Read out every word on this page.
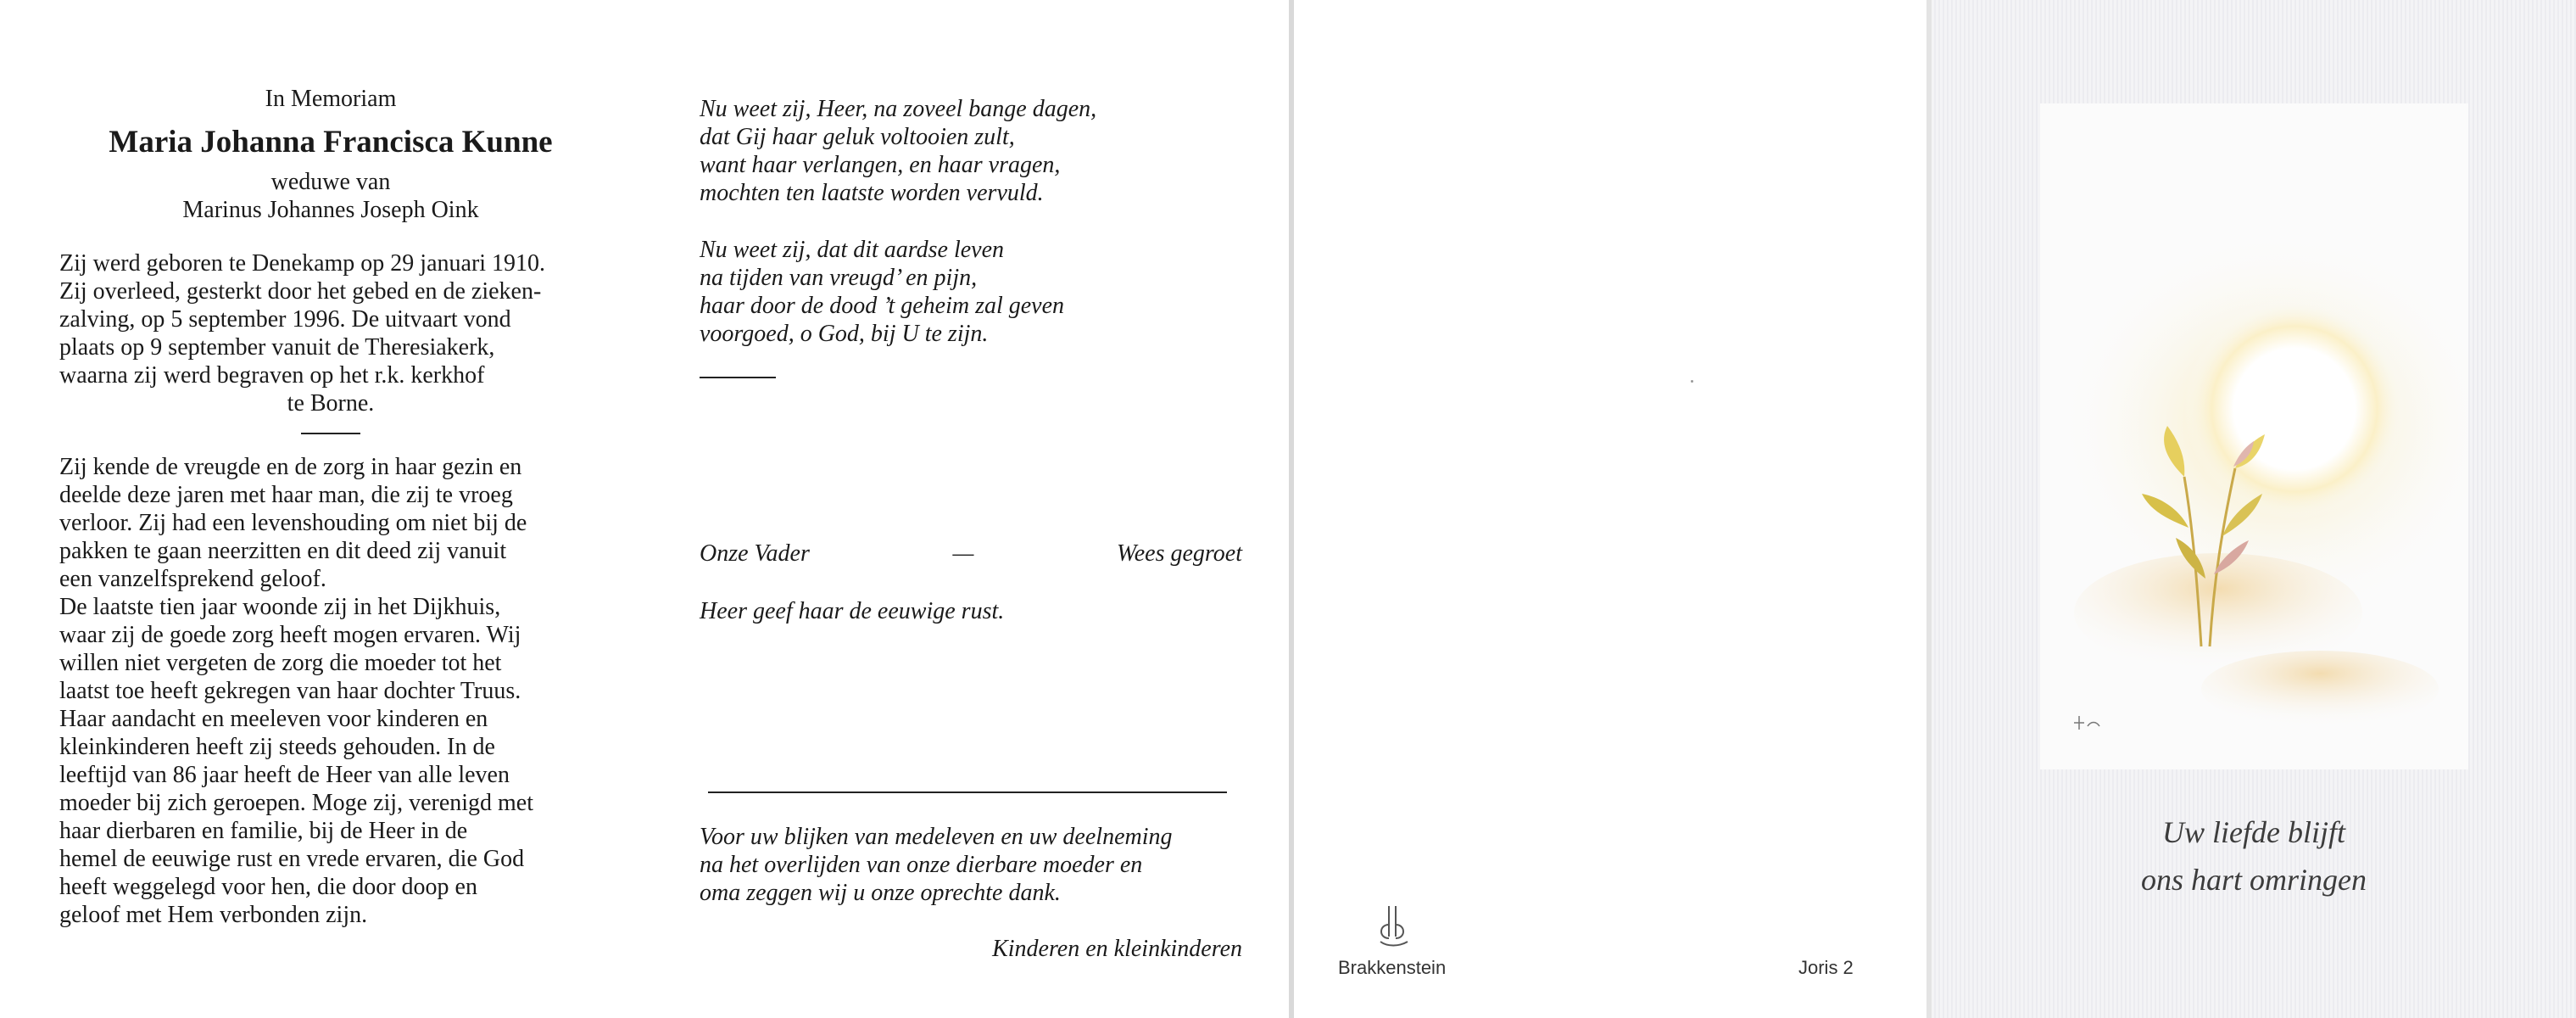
In Memoriam
Maria Johanna Francisca Kunne
weduwe van
Marinus Johannes Joseph Oink
Zij werd geboren te Denekamp op 29 januari 1910.
Zij overleed, gesterkt door het gebed en de zieken-
zalving, op 5 september 1996. De uitvaart vond
plaats op 9 september vanuit de Theresiakerk,
waarna zij werd begraven op het r.k. kerkhof
te Borne.
Zij kende de vreugde en de zorg in haar gezin en
deelde deze jaren met haar man, die zij te vroeg
verloor. Zij had een levenshouding om niet bij de
pakken te gaan neerzitten en dit deed zij vanuit
een vanzelfsprekend geloof.
De laatste tien jaar woonde zij in het Dijkhuis,
waar zij de goede zorg heeft mogen ervaren. Wij
willen niet vergeten de zorg die moeder tot het
laatst toe heeft gekregen van haar dochter Truus.
Haar aandacht en meeleven voor kinderen en
kleinkinderen heeft zij steeds gehouden. In de
leeftijd van 86 jaar heeft de Heer van alle leven
moeder bij zich geroepen. Moge zij, verenigd met
haar dierbaren en familie, bij de Heer in de
hemel de eeuwige rust en vrede ervaren, die God
heeft weggelegd voor hen, die door doop en
geloof met Hem verbonden zijn.
Nu weet zij, Heer, na zoveel bange dagen,
dat Gij haar geluk voltooien zult,
want haar verlangen, en haar vragen,
mochten ten laatste worden vervuld.
Nu weet zij, dat dit aardse leven
na tijden van vreugd’ en pijn,
haar door de dood ’t geheim zal geven
voorgoed, o God, bij U te zijn.
Onze Vader	—	Wees gegroet
Heer geef haar de eeuwige rust.
Voor uw blijken van medeleven en uw deelneming
na het overlijden van onze dierbare moeder en
oma zeggen wij u onze oprechte dank.
Kinderen en kleinkinderen
Brakkenstein	Joris 2
Uw liefde blijft
ons hart omringen
